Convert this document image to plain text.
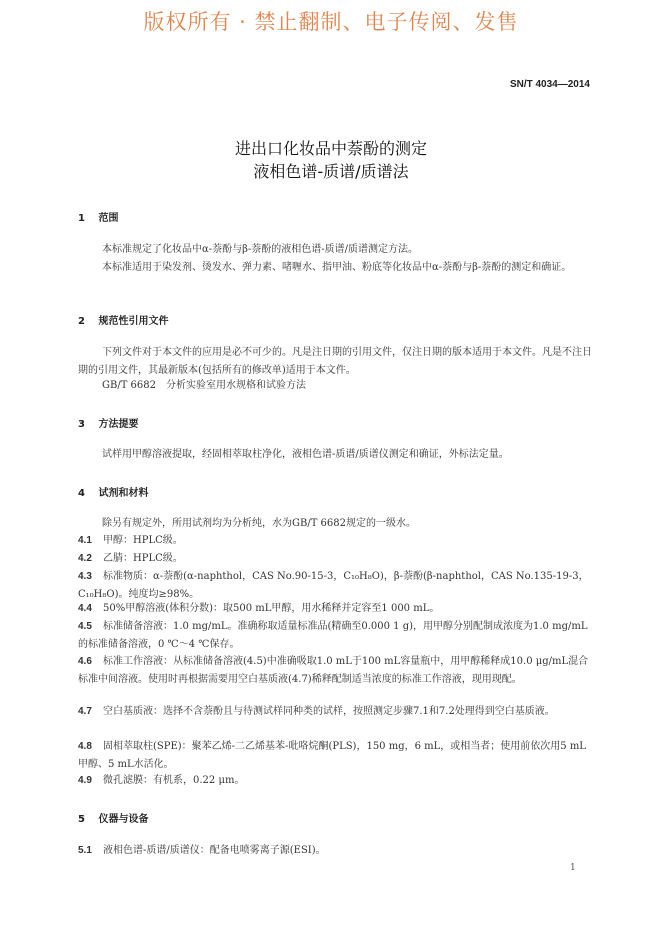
版权所有 · 禁止翻制、电子传阅、发售
SN/T 4034—2014
进出口化妆品中萘酚的测定
液相色谱-质谱/质谱法
1 范围
本标准规定了化妆品中α-萘酚与β-萘酚的液相色谱-质谱/质谱测定方法。
本标准适用于染发剂、烫发水、弹力素、啫喱水、指甲油、粉底等化妆品中α-萘酚与β-萘酚的测定和确证。
2 规范性引用文件
下列文件对于本文件的应用是必不可少的。凡是注日期的引用文件，仅注日期的版本适用于本文件。凡是不注日期的引用文件，其最新版本(包括所有的修改单)适用于本文件。
GB/T 6682　分析实验室用水规格和试验方法
3 方法提要
试样用甲醇溶液提取，经固相萃取柱净化，液相色谱-质谱/质谱仪测定和确证，外标法定量。
4 试剂和材料
除另有规定外，所用试剂均为分析纯，水为GB/T 6682规定的一级水。
4.1 甲醇：HPLC级。
4.2 乙腈：HPLC级。
4.3 标准物质：α-萘酚(α-naphthol，CAS No.90-15-3，C₁₀H₈O)，β-萘酚(β-naphthol，CAS No.135-19-3，C₁₀H₈O)。纯度均≥98%。
4.4 50%甲醇溶液(体积分数)：取500 mL甲醇，用水稀释并定容至1 000 mL。
4.5 标准储备溶液：1.0 mg/mL。准确称取适量标准品(精确至0.000 1 g)，用甲醇分别配制成浓度为1.0 mg/mL的标准储备溶液，0 ℃～4 ℃保存。
4.6 标准工作溶液：从标准储备溶液(4.5)中准确吸取1.0 mL于100 mL容量瓶中，用甲醇稀释成10.0 μg/mL混合标准中间溶液。使用时再根据需要用空白基质液(4.7)稀释配制适当浓度的标准工作溶液，现用现配。
4.7 空白基质液：选择不含萘酚且与待测试样同种类的试样，按照测定步骤7.1和7.2处理得到空白基质液。
4.8 固相萃取柱(SPE)：聚苯乙烯-二乙烯基苯-吡咯烷酮(PLS)，150 mg，6 mL，或相当者；使用前依次用5 mL甲醇、5 mL水活化。
4.9 微孔滤膜：有机系，0.22 μm。
5 仪器与设备
5.1 液相色谱-质谱/质谱仪：配备电喷雾离子源(ESI)。
1
